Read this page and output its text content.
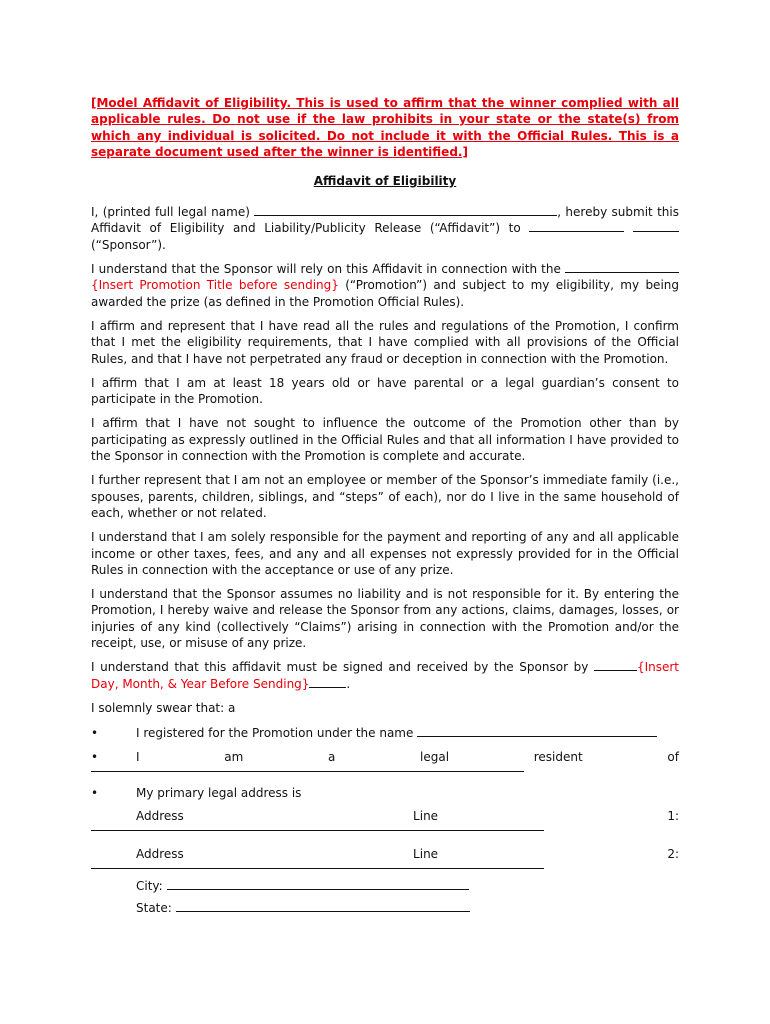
[Model Affidavit of Eligibility. This is used to affirm that the winner complied with all applicable rules. Do not use if the law prohibits in your state or the state(s) from which any individual is solicited. Do not include it with the Official Rules. This is a separate document used after the winner is identified.]
Affidavit of Eligibility

I, (printed full legal name)	, hereby submit this Affidavit of Eligibility and Liability/Publicity Release (“Affidavit”) to   (“Sponsor”).

I understand that the Sponsor will rely on this Affidavit in connection with the {Insert Promotion Title before sending} (“Promotion”) and subject to my eligibility, my being awarded the prize (as defined in the Promotion Official Rules).

I affirm and represent that I have read all the rules and regulations of the Promotion, I confirm that I met the eligibility requirements, that I have complied with all provisions of the Official Rules, and that I have not perpetrated any fraud or deception in connection with the Promotion.

I affirm that I am at least 18 years old or have parental or a legal guardian’s consent to participate in the Promotion.

I affirm that I have not sought to influence the outcome of the Promotion other than by participating as expressly outlined in the Official Rules and that all information I have provided to the Sponsor in connection with the Promotion is complete and accurate.

I further represent that I am not an employee or member of the Sponsor’s immediate family (i.e., spouses, parents, children, siblings, and “steps” of each), nor do I live in the same household of each, whether or not related.

I understand that I am solely responsible for the payment and reporting of any and all applicable income or other taxes, fees, and any and all expenses not expressly provided for in the Official Rules in connection with the acceptance or use of any prize.

I understand that the Sponsor assumes no liability and is not responsible for it. By entering the Promotion, I hereby waive and release the Sponsor from any actions, claims, damages, losses, or injuries of any kind (collectively “Claims”) arising in connection with the Promotion and/or the receipt, use, or misuse of any prize.

I understand that this affidavit must be signed and received by the Sponsor by	{Insert Day, Month, & Year Before Sending}	.

I solemnly swear that: a

•	I registered for the Promotion under the name
•	I	am	a	legal	resident	of
•	My primary legal address is
Address	Line	1:
Address	Line	2:
City:
State:
